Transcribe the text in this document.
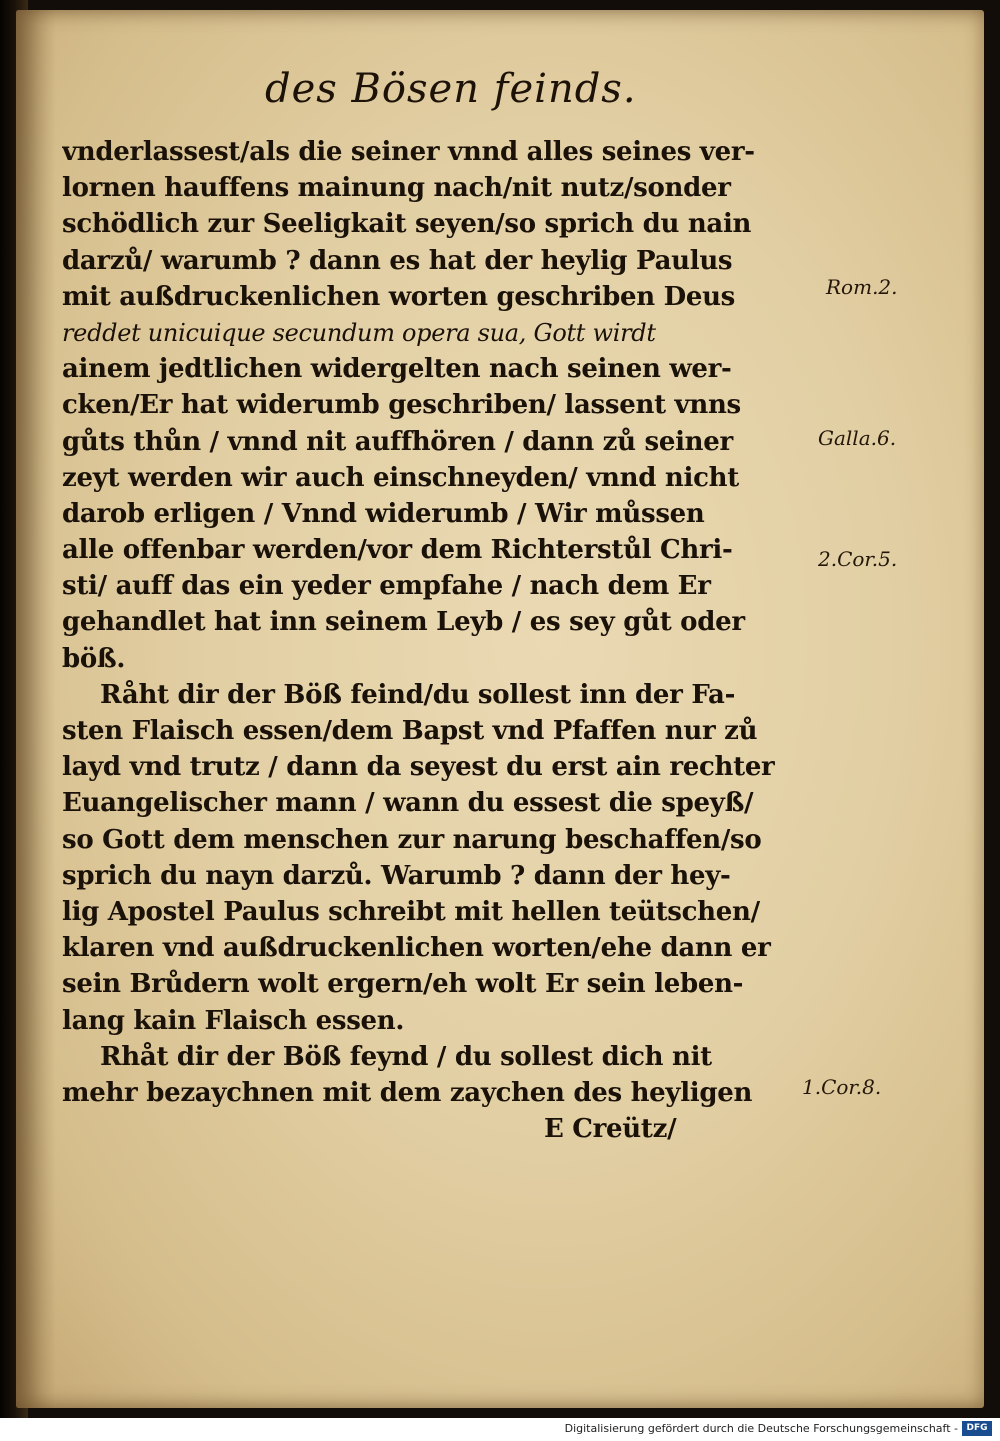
des Bösen feinds.
vnderlassest/als die seiner vnnd alles seines ver-
lornen hauffens mainung nach/nit nutz/sonder
schödlich zur Seeligkait seyen/so sprich du nain
darzů/ warumb ? dann es hat der heylig Paulus
mit außdruckenlichen worten geschriben Deus
reddet unicuique secundum opera sua, Gott wirdt
ainem jedtlichen widergelten nach seinen wer-
cken/Er hat widerumb geschriben/ lassent vnns
gůts thůn / vnnd nit auffhören / dann zů seiner
zeyt werden wir auch einschneyden/ vnnd nicht
darob erligen / Vnnd widerumb / Wir můssen
alle offenbar werden/vor dem Richterstůl Chri-
sti/ auff das ein yeder empfahe / nach dem Er
gehandlet hat inn seinem Leyb / es sey gůt oder
böß.
Råht dir der Böß feind/du sollest inn der Fa-
sten Flaisch essen/dem Bapst vnd Pfaffen nur zů
layd vnd trutz / dann da seyest du erst ain rechter
Euangelischer mann / wann du essest die speyß/
so Gott dem menschen zur narung beschaffen/so
sprich du nayn darzů. Warumb ? dann der hey-
lig Apostel Paulus schreibt mit hellen teütschen/
klaren vnd außdruckenlichen worten/ehe dann er
sein Brůdern wolt ergern/eh wolt Er sein leben-
lang kain Flaisch essen.
Rhåt dir der Böß feynd / du sollest dich nit
mehr bezaychnen mit dem zaychen des heyligen
E Creütz/
Rom.2.
Galla.6.
2.Cor.5.
1.Cor.8.
Digitalisierung gefördert durch die Deutsche Forschungsgemeinschaft - DFG
